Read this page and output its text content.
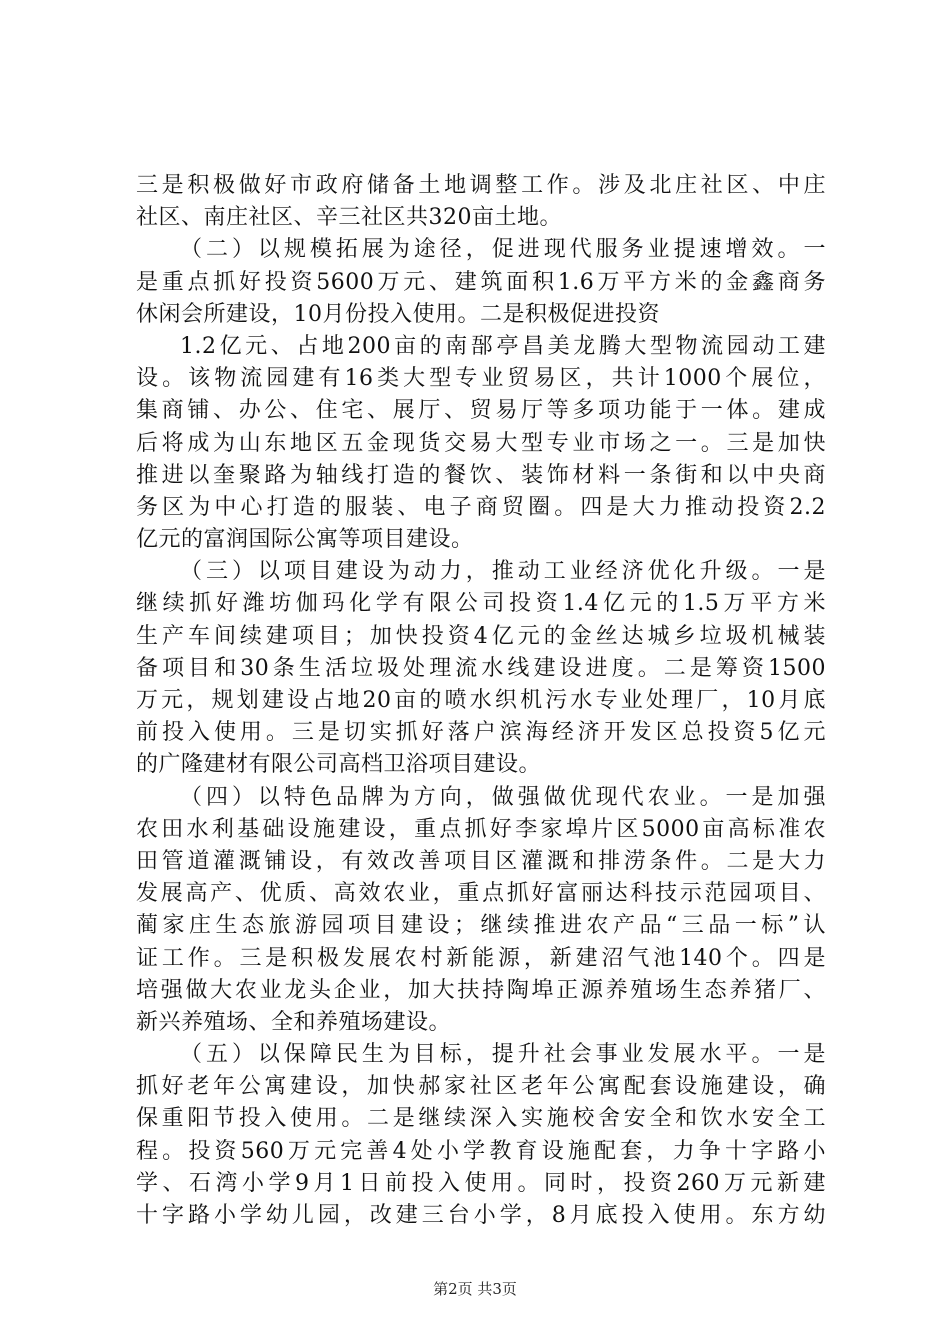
三是积极做好市政府储备土地调整工作。涉及北庄社区、中庄
社区、南庄社区、辛三社区共320亩土地。
（二）以规模拓展为途径，促进现代服务业提速增效。一
是重点抓好投资5600万元、建筑面积1.6万平方米的金鑫商务
休闲会所建设，10月份投入使用。二是积极促进投资
1.2亿元、占地200亩的南郚亭昌美龙腾大型物流园动工建
设。该物流园建有16类大型专业贸易区，共计1000个展位，
集商铺、办公、住宅、展厅、贸易厅等多项功能于一体。建成
后将成为山东地区五金现货交易大型专业市场之一。三是加快
推进以奎聚路为轴线打造的餐饮、装饰材料一条街和以中央商
务区为中心打造的服装、电子商贸圈。四是大力推动投资2.2
亿元的富润国际公寓等项目建设。
（三）以项目建设为动力，推动工业经济优化升级。一是
继续抓好潍坊伽玛化学有限公司投资1.4亿元的1.5万平方米
生产车间续建项目；加快投资4亿元的金丝达城乡垃圾机械装
备项目和30条生活垃圾处理流水线建设进度。二是筹资1500
万元，规划建设占地20亩的喷水织机污水专业处理厂，10月底
前投入使用。三是切实抓好落户滨海经济开发区总投资5亿元
的广隆建材有限公司高档卫浴项目建设。
（四）以特色品牌为方向，做强做优现代农业。一是加强
农田水利基础设施建设，重点抓好李家埠片区5000亩高标准农
田管道灌溉铺设，有效改善项目区灌溉和排涝条件。二是大力
发展高产、优质、高效农业，重点抓好富丽达科技示范园项目、
蔺家庄生态旅游园项目建设；继续推进农产品“三品一标”认
证工作。三是积极发展农村新能源，新建沼气池140个。四是
培强做大农业龙头企业，加大扶持陶埠正源养殖场生态养猪厂、
新兴养殖场、全和养殖场建设。
（五）以保障民生为目标，提升社会事业发展水平。一是
抓好老年公寓建设，加快郝家社区老年公寓配套设施建设，确
保重阳节投入使用。二是继续深入实施校舍安全和饮水安全工
程。投资560万元完善4处小学教育设施配套，力争十字路小
学、石湾小学9月1日前投入使用。同时，投资260万元新建
十字路小学幼儿园，改建三台小学，8月底投入使用。东方幼
第2页 共3页
